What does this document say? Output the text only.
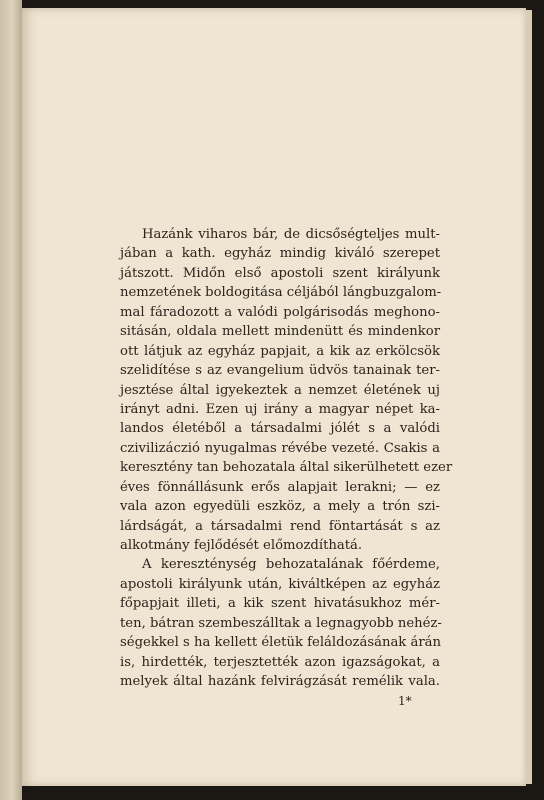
Hazánk viharos bár, de dicsőségteljes mult-
jában a kath. egyház mindig kiváló szerepet
játszott. Midőn első apostoli szent királyunk
nemzetének boldogitása céljából lángbuzgalom-
mal fáradozott a valódi polgárisodás meghono-
sitásán, oldala mellett mindenütt és mindenkor
ott látjuk az egyház papjait, a kik az erkölcsök
szelidítése s az evangelium üdvös tanainak ter-
jesztése által igyekeztek a nemzet életének uj
irányt adni. Ezen uj irány a magyar népet ka-
landos életéből a társadalmi jólét s a valódi
czivilizáczió nyugalmas révébe vezeté. Csakis a
keresztény tan behozatala által sikerülhetett ezer
éves fönnállásunk erős alapjait lerakni; — ez
vala azon egyedüli eszköz, a mely a trón szi-
lárdságát, a társadalmi rend föntartását s az
alkotmány fejlődését előmozdíthatá.
A kereszténység behozatalának főérdeme,
apostoli királyunk után, kiváltképen az egyház
főpapjait illeti, a kik szent hivatásukhoz mér-
ten, bátran szembeszálltak a legnagyobb nehéz-
ségekkel s ha kellett életük feláldozásának árán
is, hirdették, terjesztették azon igazságokat, a
melyek által hazánk felvirágzását remélik vala.
1*
